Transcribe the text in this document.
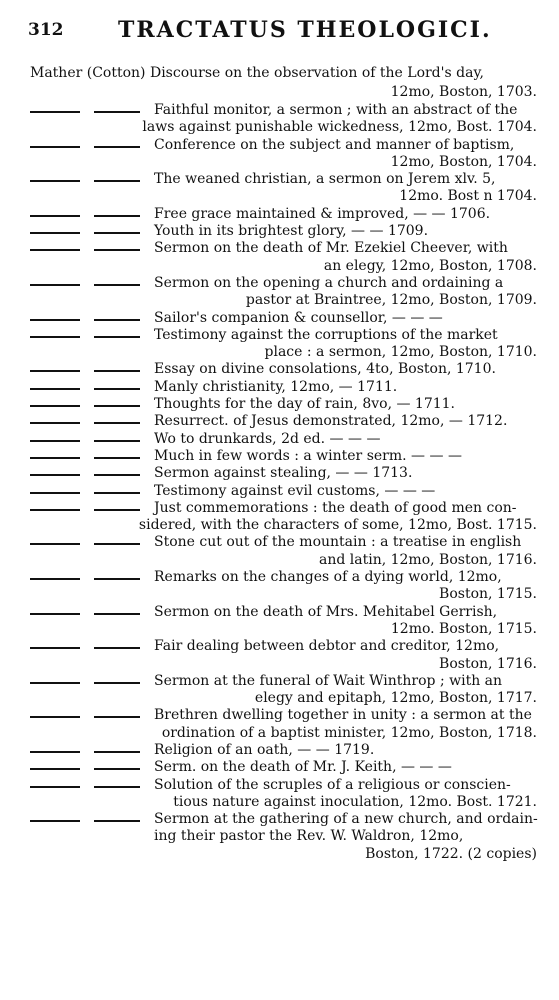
312 TRACTATUS THEOLOGICI.
Mather (Cotton) Discourse on the observation of the Lord's day,
12mo, Boston, 1703.
Faithful monitor, a sermon ; with an abstract of the
laws against punishable wickedness, 12mo, Bost. 1704.
Conference on the subject and manner of baptism,
12mo, Boston, 1704.
The weaned christian, a sermon on Jerem xlv. 5,
12mo. Bost n 1704.
Free grace maintained & improved, — — 1706.
Youth in its brightest glory, — — 1709.
Sermon on the death of Mr. Ezekiel Cheever, with
an elegy, 12mo, Boston, 1708.
Sermon on the opening a church and ordaining a
pastor at Braintree, 12mo, Boston, 1709.
Sailor's companion & counsellor, — — —
Testimony against the corruptions of the market
place : a sermon, 12mo, Boston, 1710.
Essay on divine consolations, 4to, Boston, 1710.
Manly christianity, 12mo, — 1711.
Thoughts for the day of rain, 8vo, — 1711.
Resurrect. of Jesus demonstrated, 12mo, — 1712.
Wo to drunkards, 2d ed. — — —
Much in few words : a winter serm. — — —
Sermon against stealing, — — 1713.
Testimony against evil customs, — — —
Just commemorations : the death of good men con-
sidered, with the characters of some, 12mo, Bost. 1715.
Stone cut out of the mountain : a treatise in english
and latin, 12mo, Boston, 1716.
Remarks on the changes of a dying world, 12mo,
Boston, 1715.
Sermon on the death of Mrs. Mehitabel Gerrish,
12mo. Boston, 1715.
Fair dealing between debtor and creditor, 12mo,
Boston, 1716.
Sermon at the funeral of Wait Winthrop ; with an
elegy and epitaph, 12mo, Boston, 1717.
Brethren dwelling together in unity : a sermon at the
ordination of a baptist minister, 12mo, Boston, 1718.
Religion of an oath, — — 1719.
Serm. on the death of Mr. J. Keith, — — —
Solution of the scruples of a religious or conscien-
tious nature against inoculation, 12mo. Bost. 1721.
Sermon at the gathering of a new church, and ordain-
ing their pastor the Rev. W. Waldron, 12mo,
Boston, 1722. (2 copies)
